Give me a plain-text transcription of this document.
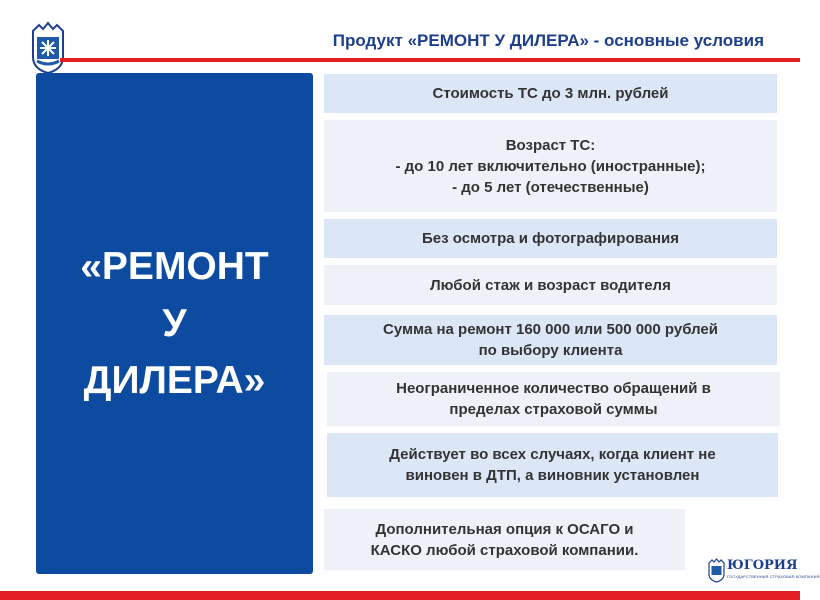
Продукт «РЕМОНТ У ДИЛЕРА» - основные условия
«РЕМОНТ
У
ДИЛЕРА»
Стоимость ТС до 3 млн. рублей
Возраст ТС:
- до 10 лет включительно (иностранные);
- до 5 лет (отечественные)
Без осмотра и фотографирования
Любой стаж и возраст водителя
Сумма на ремонт 160 000 или 500 000 рублей
по выбору клиента
Неограниченное количество обращений в
пределах страховой суммы
Действует во всех случаях, когда клиент не
виновен в ДТП, а виновник установлен
Дополнительная опция к ОСАГО и
КАСКО любой страховой компании.
ЮГОРИЯ
ГОСУДАРСТВЕННАЯ СТРАХОВАЯ КОМПАНИЯ
